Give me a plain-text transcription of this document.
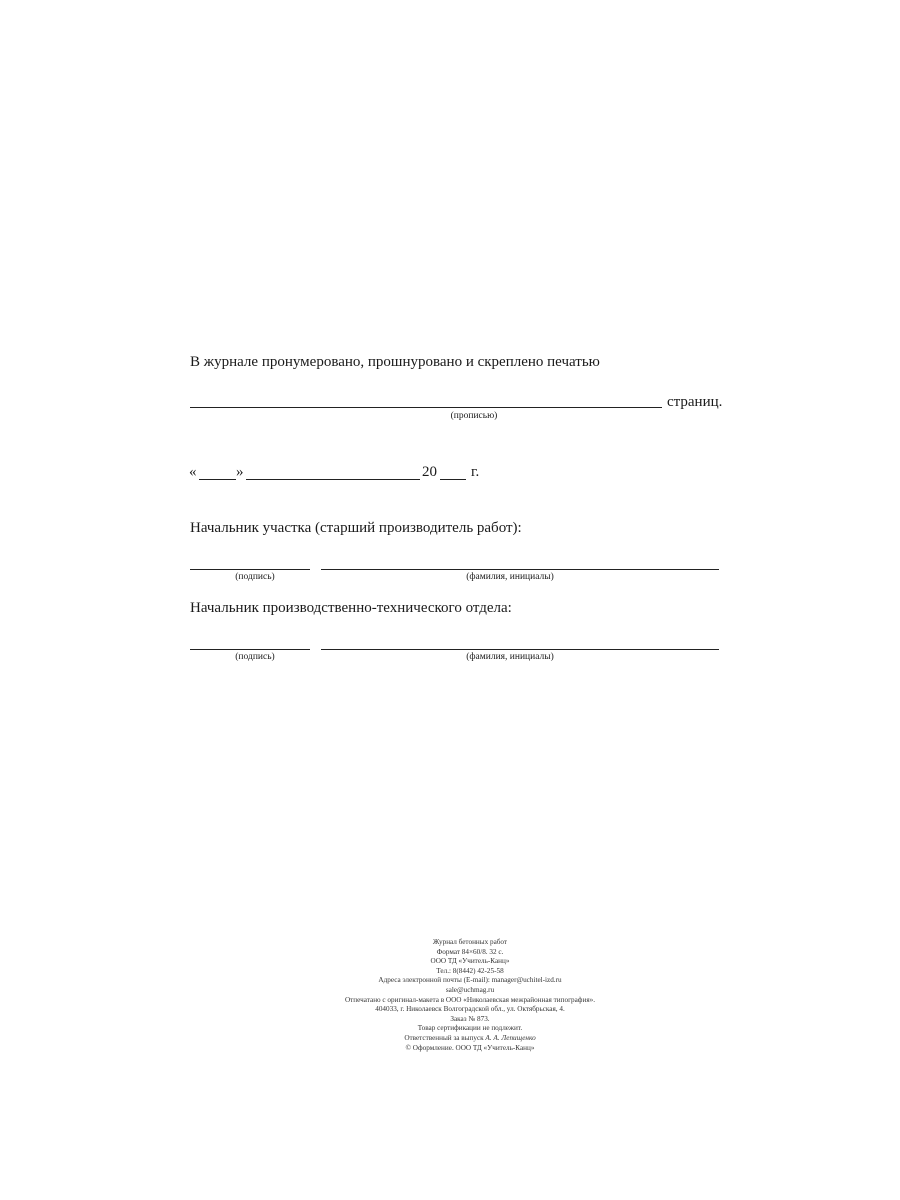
В журнале пронумеровано, прошнуровано и скреплено печатью
страниц.
(прописью)
«	»	20 г.
Начальник участка (старший производитель работ):
(подпись)	(фамилия, инициалы)
Начальник производственно-технического отдела:
(подпись)	(фамилия, инициалы)
Журнал бетонных работ
Формат 84×60/8. 32 с.
ООО ТД «Учитель-Канц»
Тел.: 8(8442) 42-25-58
Адреса электронной почты (E-mail): manager@uchitel-izd.ru
sale@uchmag.ru
Отпечатано с оригинал-макета в ООО «Николаевская межрайонная типография».
404033, г. Николаевск Волгоградской обл., ул. Октябрьская, 4.
Заказ № 873.
Товар сертификации не подлежит.
Ответственный за выпуск А. А. Лепищенко
© Оформление. ООО ТД «Учитель-Канц»
